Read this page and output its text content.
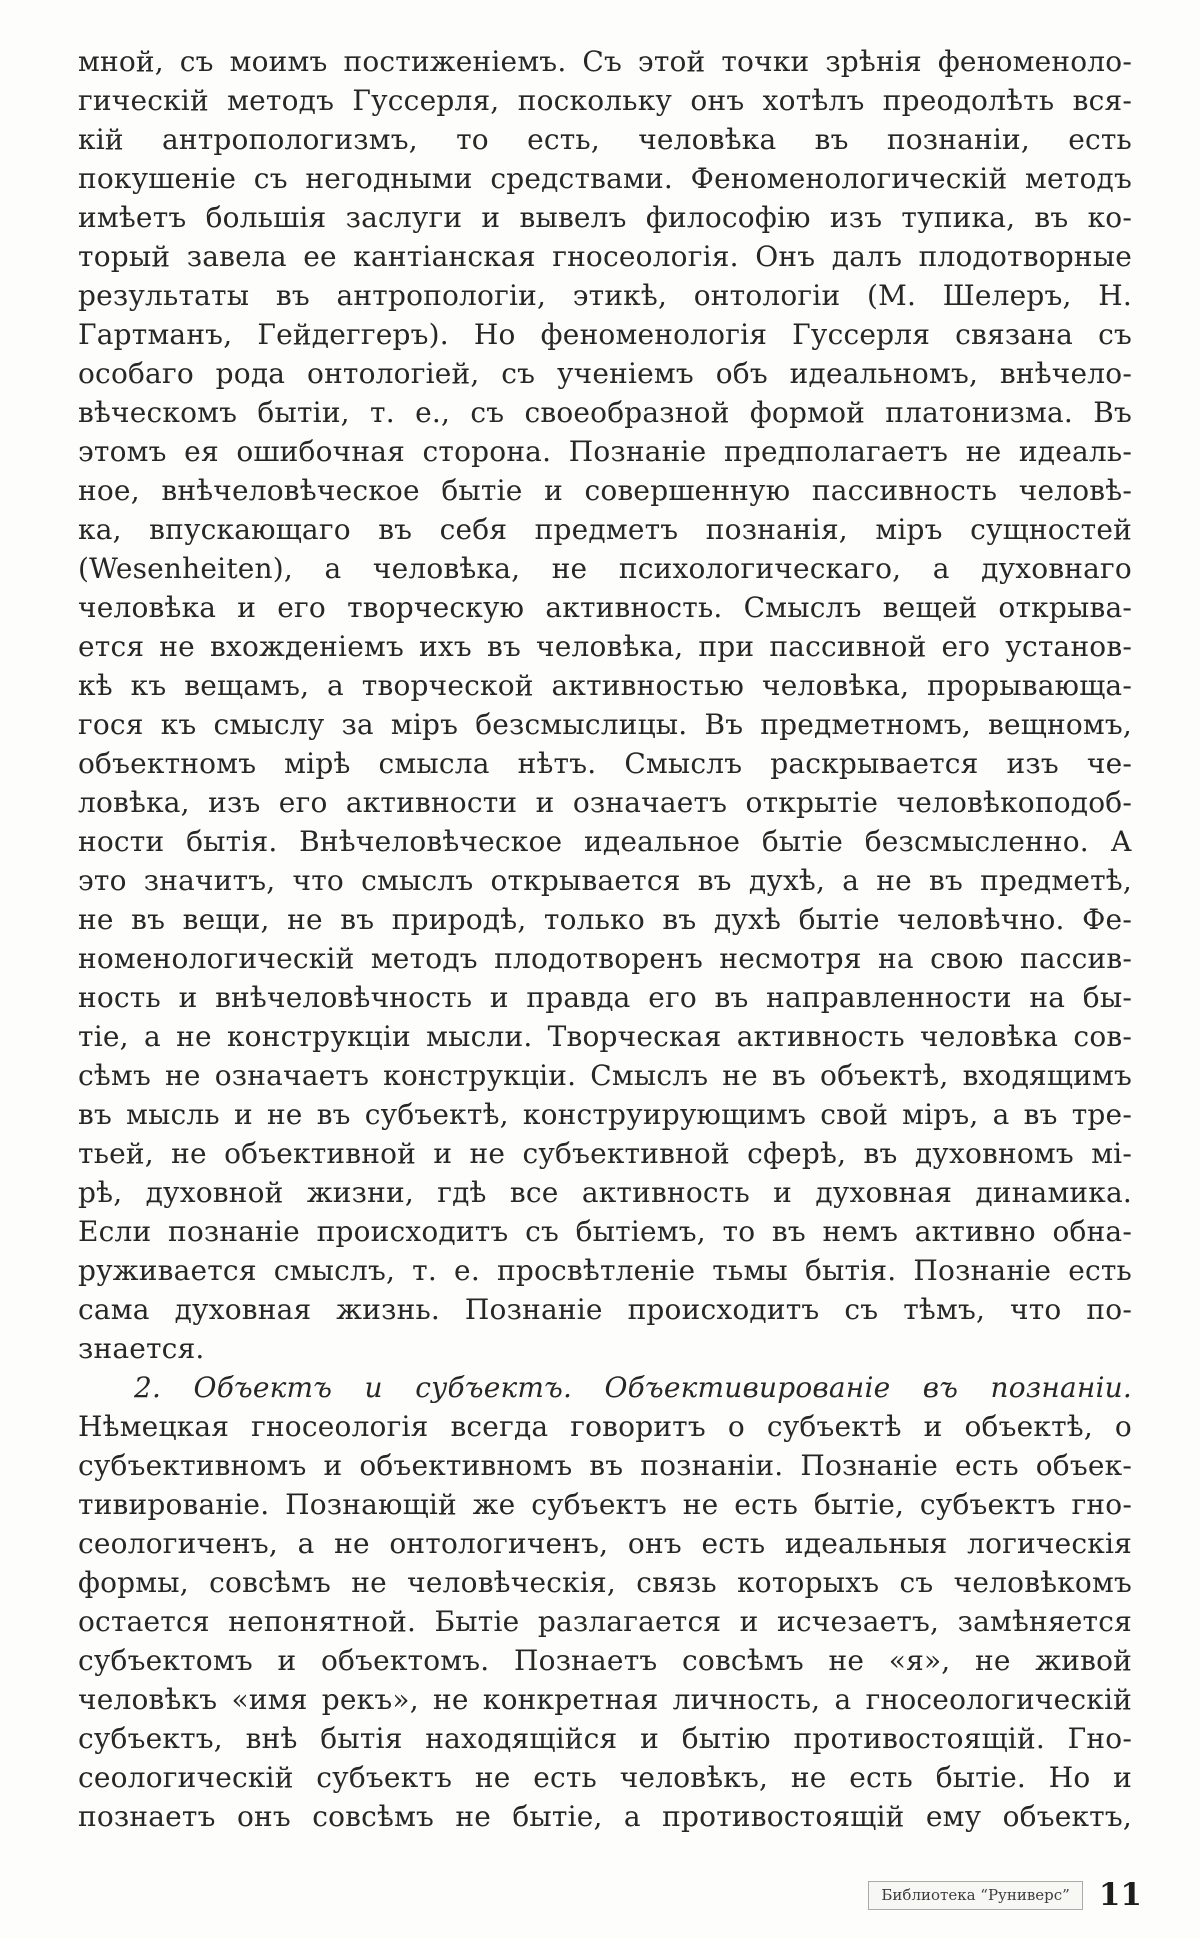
мной, съ моимъ постиженіемъ. Съ этой точки зрѣнія феноменоло-
гическій методъ Гуссерля, поскольку онъ хотѣлъ преодолѣть вся-
кій антропологизмъ, то есть, человѣка въ познаніи, есть
покушеніе съ негодными средствами. Феноменологическій методъ
имѣетъ большія заслуги и вывелъ философію изъ тупика, въ ко-
торый завела ее кантіанская гносеологія. Онъ далъ плодотворные
результаты въ антропологіи, этикѣ, онтологіи (М. Шелеръ, Н.
Гартманъ, Гейдеггеръ). Но феноменологія Гуссерля связана съ
особаго рода онтологіей, съ ученіемъ объ идеальномъ, внѣчело-
вѣческомъ бытіи, т. е., съ своеобразной формой платонизма. Въ
этомъ ея ошибочная сторона. Познаніе предполагаетъ не идеаль-
ное, внѣчеловѣческое бытіе и совершенную пассивность человѣ-
ка, впускающаго въ себя предметъ познанія, міръ сущностей
(Wesenheiten), а человѣка, не психологическаго, а духовнаго
человѣка и его творческую активность. Смыслъ вещей открыва-
ется не вхожденіемъ ихъ въ человѣка, при пассивной его установ-
кѣ къ вещамъ, а творческой активностью человѣка, прорывающа-
гося къ смыслу за міръ безсмыслицы. Въ предметномъ, вещномъ,
объектномъ мірѣ смысла нѣтъ. Смыслъ раскрывается изъ че-
ловѣка, изъ его активности и означаетъ открытіе человѣкоподоб-
ности бытія. Внѣчеловѣческое идеальное бытіе безсмысленно. А
это значитъ, что смыслъ открывается въ духѣ, а не въ предметѣ,
не въ вещи, не въ природѣ, только въ духѣ бытіе человѣчно. Фе-
номенологическій методъ плодотворенъ несмотря на свою пассив-
ность и внѣчеловѣчность и правда его въ направленности на бы-
тіе, а не конструкціи мысли. Творческая активность человѣка сов-
сѣмъ не означаетъ конструкціи. Смыслъ не въ объектѣ, входящимъ
въ мысль и не въ субъектѣ, конструирующимъ свой міръ, а въ тре-
тьей, не объективной и не субъективной сферѣ, въ духовномъ мі-
рѣ, духовной жизни, гдѣ все активность и духовная динамика.
Если познаніе происходитъ съ бытіемъ, то въ немъ активно обна-
руживается смыслъ, т. е. просвѣтленіе тьмы бытія. Познаніе есть
сама духовная жизнь. Познаніе происходитъ съ тѣмъ, что по-
знается.
2. Объектъ и субъектъ. Объективированіе въ познаніи.
Нѣмецкая гносеологія всегда говоритъ о субъектѣ и объектѣ, о
субъективномъ и объективномъ въ познаніи. Познаніе есть объек-
тивированіе. Познающій же субъектъ не есть бытіе, субъектъ гно-
сеологиченъ, а не онтологиченъ, онъ есть идеальныя логическія
формы, совсѣмъ не человѣческія, связь которыхъ съ человѣкомъ
остается непонятной. Бытіе разлагается и исчезаетъ, замѣняется
субъектомъ и объектомъ. Познаетъ совсѣмъ не «я», не живой
человѣкъ «имя рекъ», не конкретная личность, а гносеологическій
субъектъ, внѣ бытія находящійся и бытію противостоящій. Гно-
сеологическій субъектъ не есть человѣкъ, не есть бытіе. Но и
познаетъ онъ совсѣмъ не бытіе, а противостоящій ему объектъ,
Библиотека “Руниверс” 11
